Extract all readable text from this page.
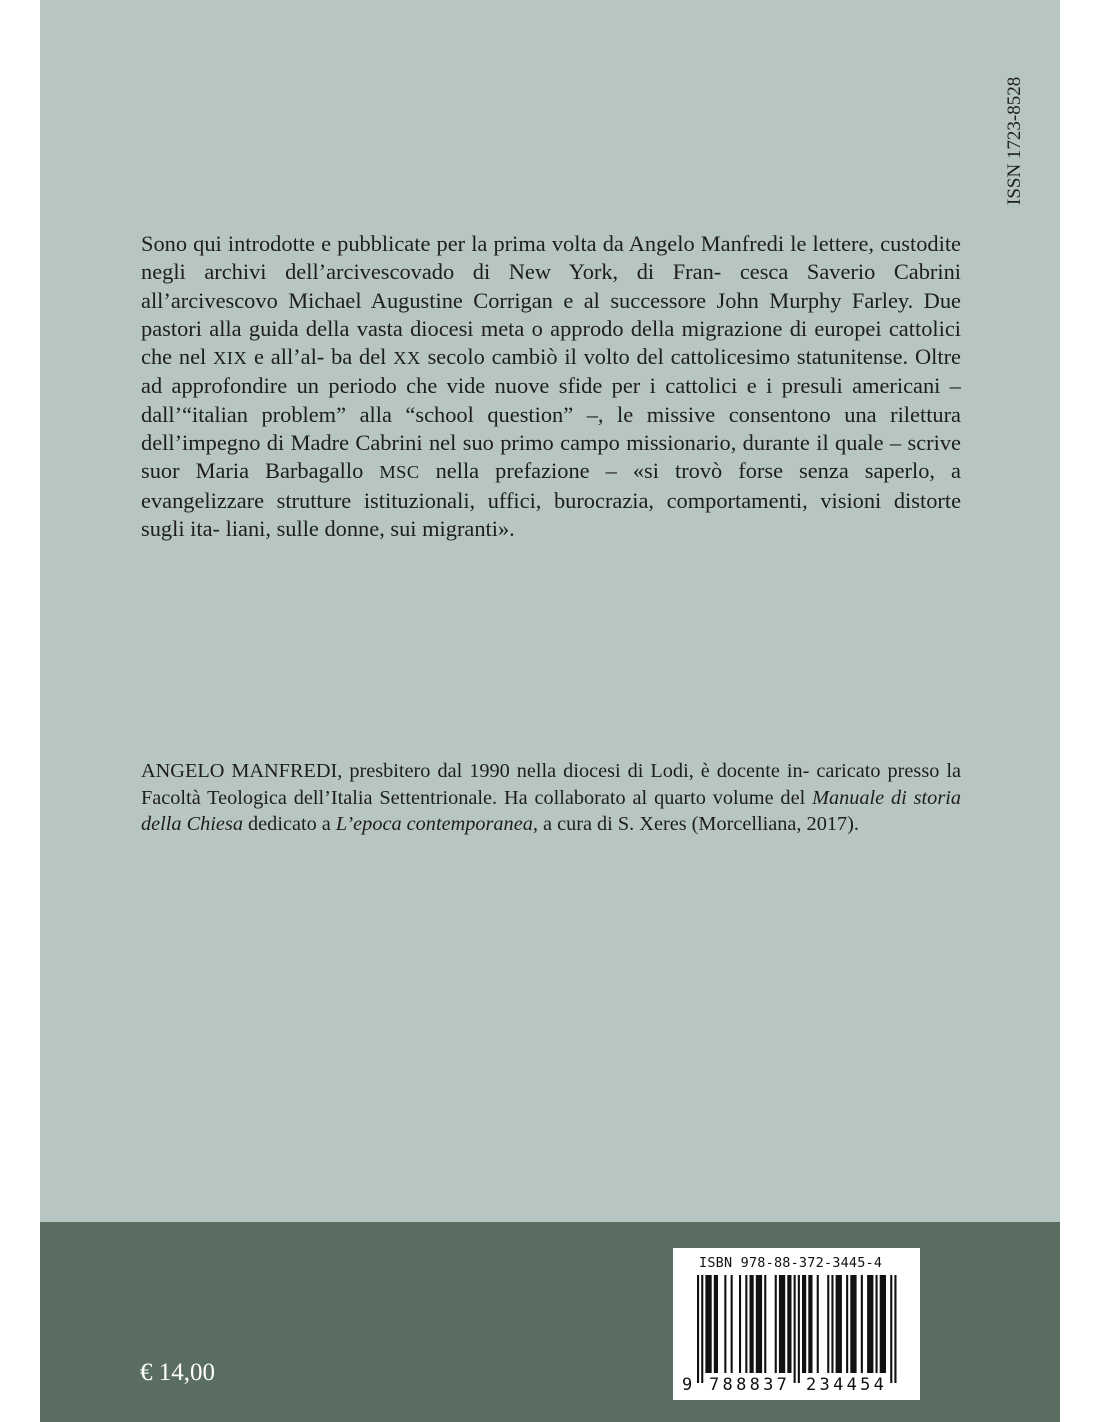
ISSN 1723-8528

Sono qui introdotte e pubblicate per la prima volta da Angelo Manfredi le lettere, custodite negli archivi dell’arcivescovado di New York, di Fran- cesca Saverio Cabrini all’arcivescovo Michael Augustine Corrigan e al successore John Murphy Farley. Due pastori alla guida della vasta diocesi meta o approdo della migrazione di europei cattolici che nel XIX e all’al- ba del XX secolo cambiò il volto del cattolicesimo statunitense. Oltre ad approfondire un periodo che vide nuove sfide per i cattolici e i presuli americani – dall’“italian problem” alla “school question” –, le missive consentono una rilettura dell’impegno di Madre Cabrini nel suo primo campo missionario, durante il quale – scrive suor Maria Barbagallo MSC nella prefazione – «si trovò forse senza saperlo, a evangelizzare strutture istituzionali, uffici, burocrazia, comportamenti, visioni distorte sugli ita- liani, sulle donne, sui migranti».

ANGELO MANFREDI, presbitero dal 1990 nella diocesi di Lodi, è docente in- caricato presso la Facoltà Teologica dell’Italia Settentrionale. Ha collaborato al quarto volume del Manuale di storia della Chiesa dedicato a L’epoca contemporanea, a cura di S. Xeres (Morcelliana, 2017).

€ 14,00
ISBN 978-88-372-3445-4
9 788837 234454
